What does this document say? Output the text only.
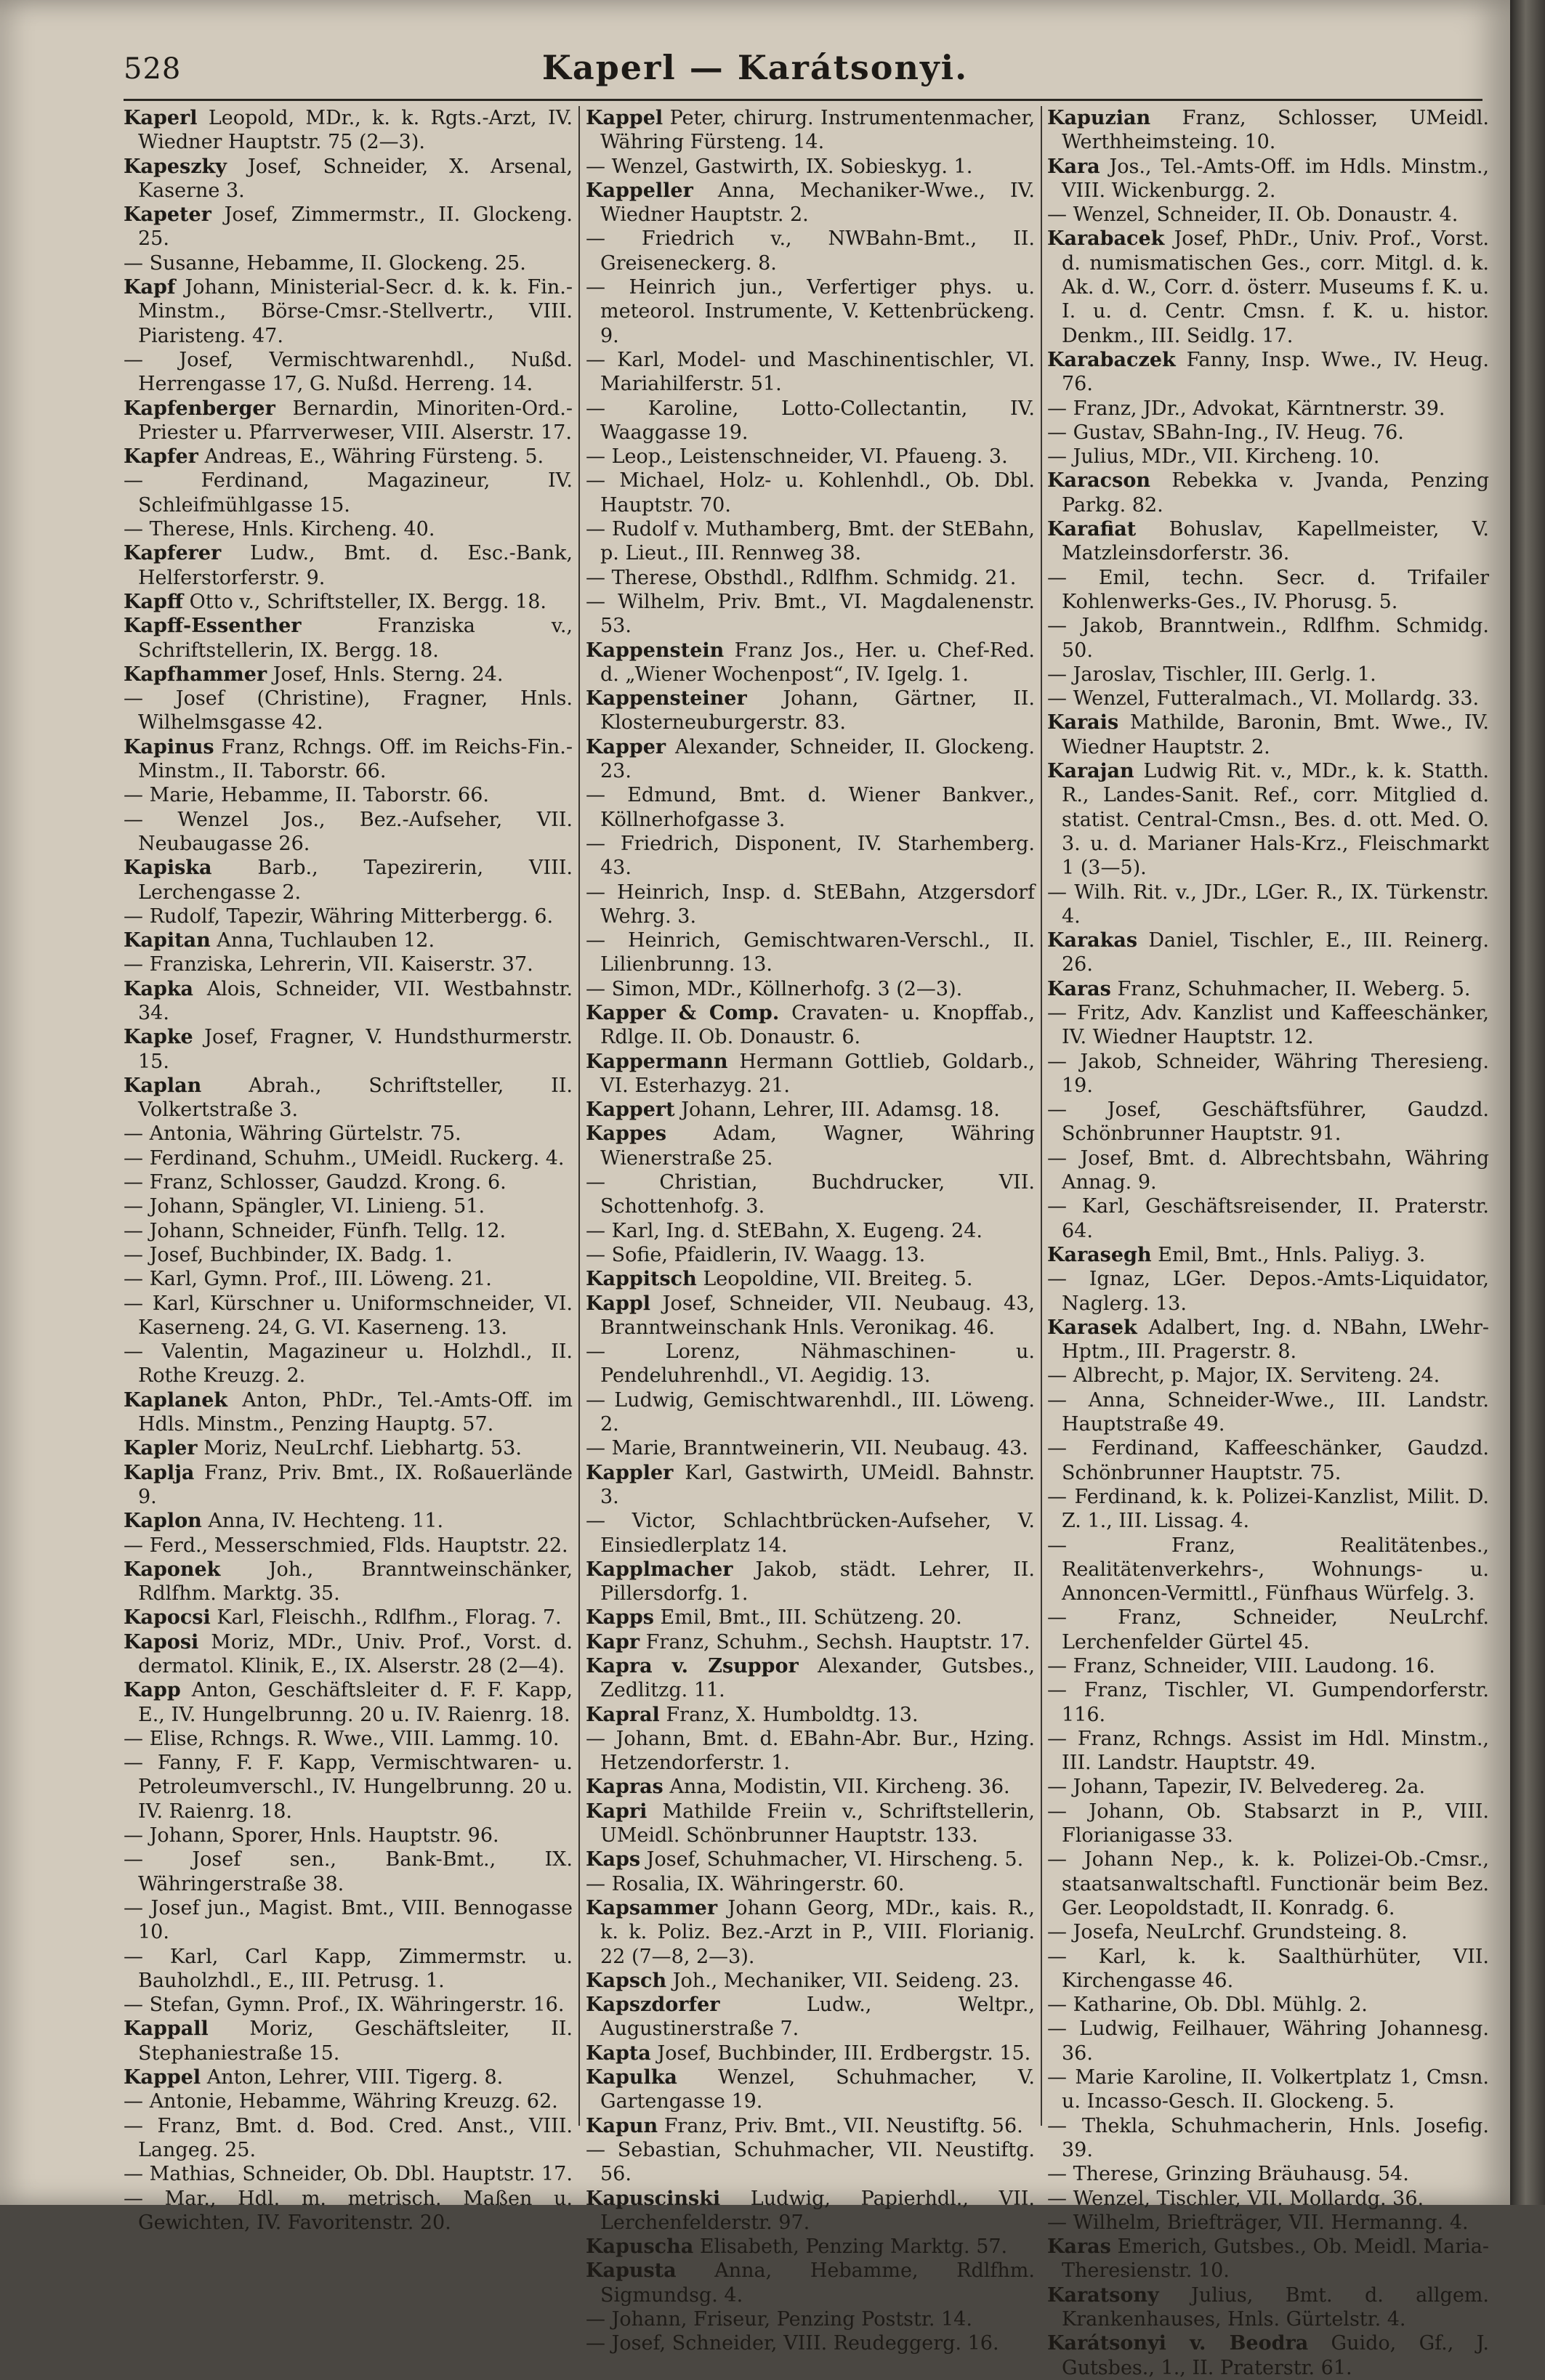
528	Kaperl — Karátsonyi.

Kaperl Leopold, MDr., k. k. Rgts.-Arzt, IV. Wiedner Hauptstr. 75 (2—3).

Kapeszky Josef, Schneider, X. Arsenal, Kaserne 3.

Kapeter Josef, Zimmermstr., II. Glockeng. 25.

— Susanne, Hebamme, II. Glockeng. 25.

Kapf Johann, Ministerial-Secr. d. k. k. Fin.-Minstm., Börse-Cmsr.-Stellvertr., VIII. Piaristeng. 47.

— Josef, Vermischtwarenhdl., Nußd. Herrengasse 17, G. Nußd. Herreng. 14.

Kapfenberger Bernardin, Minoriten-Ord.-Priester u. Pfarrverweser, VIII. Alserstr. 17.

Kapfer Andreas, E., Währing Fürsteng. 5.

— Ferdinand, Magazineur, IV. Schleifmühlgasse 15.

— Therese, Hnls. Kircheng. 40.

Kapferer Ludw., Bmt. d. Esc.-Bank, Helferstorferstr. 9.

Kapff Otto v., Schriftsteller, IX. Bergg. 18.

Kapff-Essenther	Franziska v., Schriftstellerin, IX. Bergg. 18.

Kapfhammer Josef, Hnls. Sterng. 24.

— Josef (Christine), Fragner, Hnls. Wilhelmsgasse 42.

Kapinus Franz, Rchngs. Off. im Reichs-Fin.-Minstm., II. Taborstr. 66.

— Marie, Hebamme, II. Taborstr. 66.

— Wenzel Jos., Bez.-Aufseher, VII. Neubaugasse 26.

Kapiska Barb., Tapezirerin, VIII. Lerchengasse 2.

— Rudolf, Tapezir, Währing Mitterbergg. 6.

Kapitan Anna, Tuchlauben 12.

— Franziska, Lehrerin, VII. Kaiserstr. 37.

Kapka Alois, Schneider, VII. Westbahnstr. 34.

Kapke Josef, Fragner, V. Hundsthurmerstr. 15.

Kaplan Abrah., Schriftsteller, II. Volkertstraße 3.

— Antonia, Währing Gürtelstr. 75.

— Ferdinand, Schuhm., UMeidl. Ruckerg. 4.

— Franz, Schlosser, Gaudzd. Krong. 6.

— Johann, Spängler, VI. Linieng. 51.

— Johann, Schneider, Fünfh. Tellg. 12.

— Josef, Buchbinder, IX. Badg. 1.

— Karl, Gymn. Prof., III. Löweng. 21.

— Karl, Kürschner u. Uniformschneider, VI. Kaserneng. 24, G. VI. Kaserneng. 13.

— Valentin, Magazineur u. Holzhdl., II. Rothe Kreuzg. 2.

Kaplanek Anton, PhDr., Tel.-Amts-Off. im Hdls. Minstm., Penzing Hauptg. 57.

Kapler Moriz, NeuLrchf. Liebhartg. 53.

Kaplja Franz, Priv. Bmt., IX. Roßauerlände 9.

Kaplon Anna, IV. Hechteng. 11.

— Ferd., Messerschmied, Flds. Hauptstr. 22.

Kaponek Joh., Branntweinschänker, Rdlfhm. Marktg. 35.

Kapocsi Karl, Fleischh., Rdlfhm., Florag. 7.

Kaposi Moriz, MDr., Univ. Prof., Vorst. d. dermatol. Klinik, E., IX. Alserstr. 28 (2—4).

Kapp Anton, Geschäftsleiter d. F. F. Kapp, E., IV. Hungelbrunng. 20 u. IV. Raienrg. 18.

— Elise, Rchngs. R. Wwe., VIII. Lammg. 10.

— Fanny, F. F. Kapp, Vermischtwaren- u. Petroleumverschl., IV. Hungelbrunng. 20 u. IV. Raienrg. 18.

— Johann, Sporer, Hnls. Hauptstr. 96.

— Josef sen., Bank-Bmt., IX. Währingerstraße 38.

— Josef jun., Magist. Bmt., VIII. Bennogasse 10.

— Karl, Carl Kapp, Zimmermstr. u. Bauholzhdl., E., III. Petrusg. 1.

— Stefan, Gymn. Prof., IX. Währingerstr. 16.

Kappall Moriz, Geschäftsleiter, II. Stephaniestraße 15.

Kappel Anton, Lehrer, VIII. Tigerg. 8.

— Antonie, Hebamme, Währing Kreuzg. 62.

— Franz, Bmt. d. Bod. Cred. Anst., VIII. Langeg. 25.

— Mathias, Schneider, Ob. Dbl. Hauptstr. 17.

— Mar., Hdl. m. metrisch. Maßen u. Gewichten, IV. Favoritenstr. 20.

Kappel Peter, chirurg. Instrumentenmacher, Währing Fürsteng. 14.

— Wenzel, Gastwirth, IX. Sobieskyg. 1.

Kappeller Anna, Mechaniker-Wwe., IV. Wiedner Hauptstr. 2.

— Friedrich v., NWBahn-Bmt., II. Greiseneckerg. 8.

— Heinrich jun., Verfertiger phys. u. meteorol. Instrumente, V. Kettenbrückeng. 9.

— Karl, Model- und Maschinentischler, VI. Mariahilferstr. 51.

— Karoline, Lotto-Collectantin, IV. Waaggasse 19.

— Leop., Leistenschneider, VI. Pfaueng. 3.

— Michael, Holz- u. Kohlenhdl., Ob. Dbl. Hauptstr. 70.

— Rudolf v. Muthamberg, Bmt. der StEBahn, p. Lieut., III. Rennweg 38.

— Therese, Obsthdl., Rdlfhm. Schmidg. 21.

— Wilhelm, Priv. Bmt., VI. Magdalenenstr. 53.

Kappenstein Franz Jos., Her. u. Chef-Red. d. „Wiener Wochenpost“, IV. Igelg. 1.

Kappensteiner Johann, Gärtner, II. Klosterneuburgerstr. 83.

Kapper Alexander, Schneider, II. Glockeng. 23.

— Edmund, Bmt. d. Wiener Bankver., Köllnerhofgasse 3.

— Friedrich, Disponent, IV. Starhemberg. 43.

— Heinrich, Insp. d. StEBahn, Atzgersdorf Wehrg. 3.

— Heinrich, Gemischtwaren-Verschl., II. Lilienbrunng. 13.

— Simon, MDr., Köllnerhofg. 3 (2—3).

Kapper & Comp. Cravaten- u. Knopffab., Rdlge. II. Ob. Donaustr. 6.

Kappermann Hermann Gottlieb, Goldarb., VI. Esterhazyg. 21.

Kappert Johann, Lehrer, III. Adamsg. 18.

Kappes Adam, Wagner, Währing Wienerstraße 25.

— Christian, Buchdrucker, VII. Schottenhofg. 3.

— Karl, Ing. d. StEBahn, X. Eugeng. 24.

— Sofie, Pfaidlerin, IV. Waagg. 13.

Kappitsch Leopoldine, VII. Breiteg. 5.

Kappl Josef, Schneider, VII. Neubaug. 43, Branntweinschank Hnls. Veronikag. 46.

— Lorenz, Nähmaschinen- u. Pendeluhrenhdl., VI. Aegidig. 13.

— Ludwig, Gemischtwarenhdl., III. Löweng. 2.

— Marie, Branntweinerin, VII. Neubaug. 43.

Kappler Karl, Gastwirth, UMeidl. Bahnstr. 3.

— Victor, Schlachtbrücken-Aufseher, V. Einsiedlerplatz 14.

Kapplmacher Jakob, städt. Lehrer, II. Pillersdorfg. 1.

Kapps Emil, Bmt., III. Schützeng. 20.

Kapr Franz, Schuhm., Sechsh. Hauptstr. 17.

Kapra v. Zsuppor Alexander, Gutsbes., Zedlitzg. 11.

Kapral Franz, X. Humboldtg. 13.

— Johann, Bmt. d. EBahn-Abr. Bur., Hzing. Hetzendorferstr. 1.

Kapras Anna, Modistin, VII. Kircheng. 36.

Kapri Mathilde Freiin v., Schriftstellerin, UMeidl. Schönbrunner Hauptstr. 133.

Kaps Josef, Schuhmacher, VI. Hirscheng. 5.

— Rosalia, IX. Währingerstr. 60.

Kapsammer Johann Georg, MDr., kais. R., k. k. Poliz. Bez.-Arzt in P., VIII. Florianig. 22 (7—8, 2—3).

Kapsch Joh., Mechaniker, VII. Seideng. 23.

Kapszdorfer	Ludw., Weltpr., Augustinerstraße 7.

Kapta Josef, Buchbinder, III. Erdbergstr. 15.

Kapulka Wenzel, Schuhmacher, V. Gartengasse 19.

Kapun Franz, Priv. Bmt., VII. Neustiftg. 56.

— Sebastian, Schuhmacher, VII. Neustiftg. 56.

Kapuscinski Ludwig, Papierhdl., VII. Lerchenfelderstr. 97.

Kapuscha Elisabeth, Penzing Marktg. 57.

Kapusta Anna, Hebamme, Rdlfhm. Sigmundsg. 4.

— Johann, Friseur, Penzing Poststr. 14.

— Josef, Schneider, VIII. Reudeggerg. 16.

Kapuzian Franz, Schlosser, UMeidl. Werthheimsteing. 10.

Kara Jos., Tel.-Amts-Off. im Hdls. Minstm., VIII. Wickenburgg. 2.

— Wenzel, Schneider, II. Ob. Donaustr. 4.

Karabacek Josef, PhDr., Univ. Prof., Vorst. d. numismatischen Ges., corr. Mitgl. d. k. Ak. d. W., Corr. d. österr. Museums f. K. u. I. u. d. Centr. Cmsn. f. K. u. histor. Denkm., III. Seidlg. 17.

Karabaczek Fanny, Insp. Wwe., IV. Heug. 76.

— Franz, JDr., Advokat, Kärntnerstr. 39.

— Gustav, SBahn-Ing., IV. Heug. 76.

— Julius, MDr., VII. Kircheng. 10.

Karacson Rebekka v. Jvanda, Penzing Parkg. 82.

Karafiat Bohuslav, Kapellmeister, V. Matzleinsdorferstr. 36.

— Emil, techn. Secr. d. Trifailer Kohlenwerks-Ges., IV. Phorusg. 5.

— Jakob, Branntwein., Rdlfhm. Schmidg. 50.

— Jaroslav, Tischler, III. Gerlg. 1.

— Wenzel, Futteralmach., VI. Mollardg. 33.

Karais Mathilde, Baronin, Bmt. Wwe., IV. Wiedner Hauptstr. 2.

Karajan Ludwig Rit. v., MDr., k. k. Statth. R., Landes-Sanit. Ref., corr. Mitglied d. statist. Central-Cmsn., Bes. d. ott. Med. O. 3. u. d. Marianer Hals-Krz., Fleischmarkt 1 (3—5).

— Wilh. Rit. v., JDr., LGer. R., IX. Türkenstr. 4.

Karakas Daniel, Tischler, E., III. Reinerg. 26.

Karas Franz, Schuhmacher, II. Weberg. 5.

— Fritz, Adv. Kanzlist und Kaffeeschänker, IV. Wiedner Hauptstr. 12.

— Jakob, Schneider, Währing Theresieng. 19.

— Josef, Geschäftsführer, Gaudzd. Schönbrunner Hauptstr. 91.

— Josef, Bmt. d. Albrechtsbahn, Währing Annag. 9.

— Karl, Geschäftsreisender, II. Praterstr. 64.

Karasegh Emil, Bmt., Hnls. Paliyg. 3.

— Ignaz, LGer. Depos.-Amts-Liquidator, Naglerg. 13.

Karasek Adalbert, Ing. d. NBahn, LWehr-Hptm., III. Pragerstr. 8.

— Albrecht, p. Major, IX. Serviteng. 24.

— Anna, Schneider-Wwe., III. Landstr. Hauptstraße 49.

— Ferdinand, Kaffeeschänker, Gaudzd. Schönbrunner Hauptstr. 75.

— Ferdinand, k. k. Polizei-Kanzlist, Milit. D. Z. 1., III. Lissag. 4.

— Franz, Realitätenbes., Realitätenverkehrs-, Wohnungs- u. Annoncen-Vermittl., Fünfhaus Würfelg. 3.

— Franz, Schneider, NeuLrchf. Lerchenfelder Gürtel 45.

— Franz, Schneider, VIII. Laudong. 16.

— Franz, Tischler, VI. Gumpendorferstr. 116.

— Franz, Rchngs. Assist im Hdl. Minstm., III. Landstr. Hauptstr. 49.

— Johann, Tapezir, IV. Belvedereg. 2a.

— Johann, Ob. Stabsarzt in P., VIII. Florianigasse 33.

— Johann Nep., k. k. Polizei-Ob.-Cmsr., staatsanwaltschaftl. Functionär beim Bez. Ger. Leopoldstadt, II. Konradg. 6.

— Josefa, NeuLrchf. Grundsteing. 8.

— Karl, k. k. Saalthürhüter, VII. Kirchengasse 46.

— Katharine, Ob. Dbl. Mühlg. 2.

— Ludwig, Feilhauer, Währing Johannesg. 36.

— Marie Karoline, II. Volkertplatz 1, Cmsn. u. Incasso-Gesch. II. Glockeng. 5.

— Thekla, Schuhmacherin, Hnls. Josefig. 39.

— Therese, Grinzing Bräuhausg. 54.

— Wenzel, Tischler, VII. Mollardg. 36.

— Wilhelm, Briefträger, VII. Hermanng. 4.

Karas Emerich, Gutsbes., Ob. Meidl. Maria-Theresienstr. 10.

Karatsony Julius, Bmt. d. allgem. Krankenhauses, Hnls. Gürtelstr. 4.

Karátsonyi v. Beodra Guido, Gf., J. Gutsbes., 1., II. Praterstr. 61.
